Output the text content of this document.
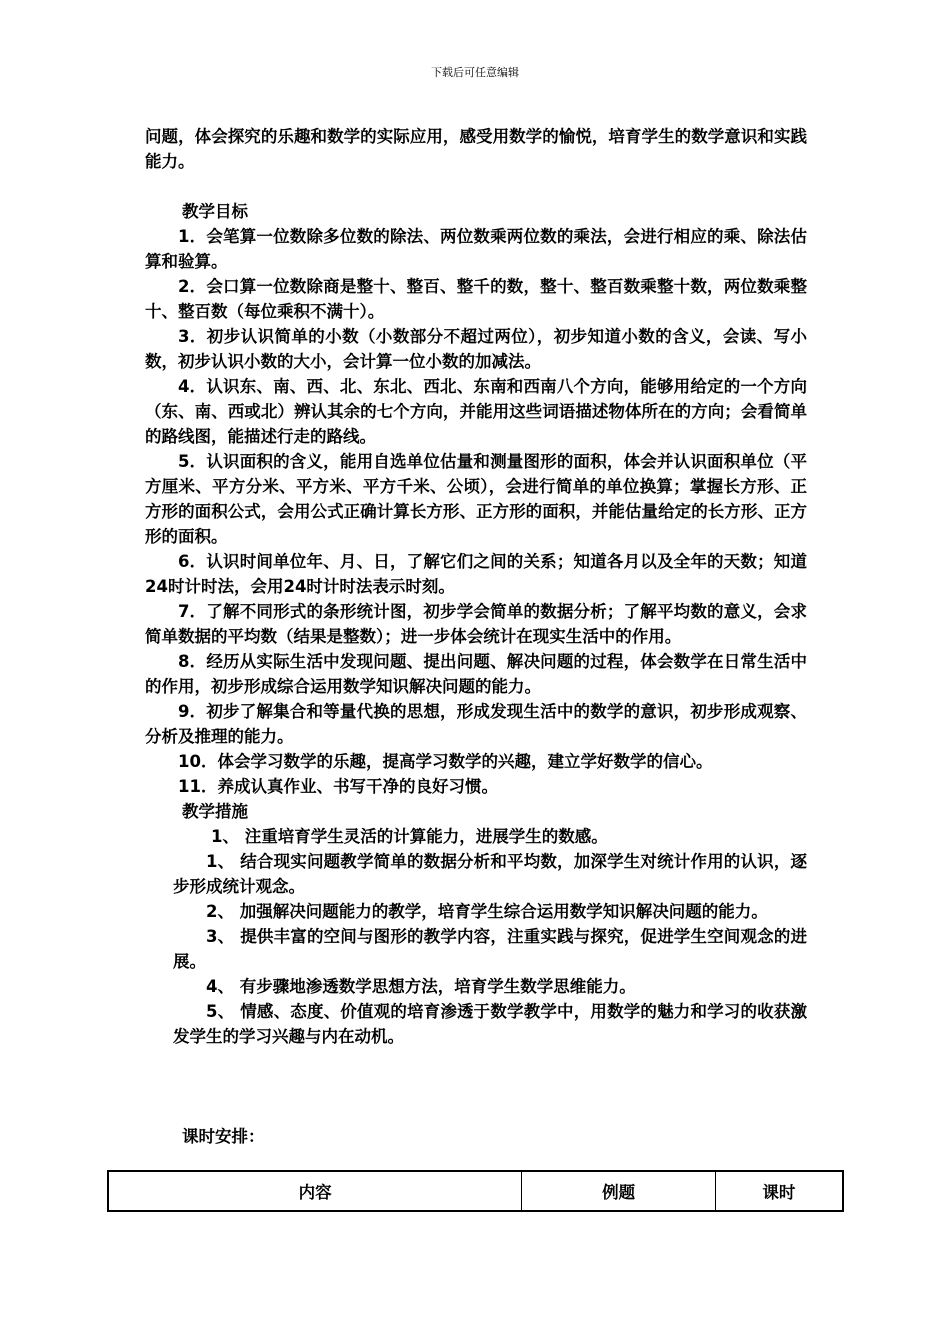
下载后可任意编辑

问题，体会探究的乐趣和数学的实际应用，感受用数学的愉悦，培育学生的数学意识和实践能力。

教学目标

1．会笔算一位数除多位数的除法、两位数乘两位数的乘法，会进行相应的乘、除法估算和验算。

2．会口算一位数除商是整十、整百、整千的数，整十、整百数乘整十数，两位数乘整十、整百数（每位乘积不满十）。

3．初步认识简单的小数（小数部分不超过两位），初步知道小数的含义，会读、写小数，初步认识小数的大小，会计算一位小数的加减法。

4．认识东、南、西、北、东北、西北、东南和西南八个方向，能够用给定的一个方向（东、南、西或北）辨认其余的七个方向，并能用这些词语描述物体所在的方向；会看简单的路线图，能描述行走的路线。

5．认识面积的含义，能用自选单位估量和测量图形的面积，体会并认识面积单位（平方厘米、平方分米、平方米、平方千米、公顷），会进行简单的单位换算；掌握长方形、正方形的面积公式，会用公式正确计算长方形、正方形的面积，并能估量给定的长方形、正方形的面积。

6．认识时间单位年、月、日，了解它们之间的关系；知道各月以及全年的天数；知道24时计时法，会用24时计时法表示时刻。

7．了解不同形式的条形统计图，初步学会简单的数据分析；了解平均数的意义，会求简单数据的平均数（结果是整数）；进一步体会统计在现实生活中的作用。

8．经历从实际生活中发现问题、提出问题、解决问题的过程，体会数学在日常生活中的作用，初步形成综合运用数学知识解决问题的能力。

9．初步了解集合和等量代换的思想，形成发现生活中的数学的意识，初步形成观察、分析及推理的能力。

10．体会学习数学的乐趣，提高学习数学的兴趣，建立学好数学的信心。

11．养成认真作业、书写干净的良好习惯。

教学措施

1、 注重培育学生灵活的计算能力，进展学生的数感。

1、 结合现实问题教学简单的数据分析和平均数，加深学生对统计作用的认识，逐步形成统计观念。

2、 加强解决问题能力的教学，培育学生综合运用数学知识解决问题的能力。

3、 提供丰富的空间与图形的教学内容，注重实践与探究，促进学生空间观念的进展。

4、 有步骤地渗透数学思想方法，培育学生数学思维能力。

5、 情感、态度、价值观的培育渗透于数学教学中，用数学的魅力和学习的收获激发学生的学习兴趣与内在动机。

课时安排：
内容	例题	课时
